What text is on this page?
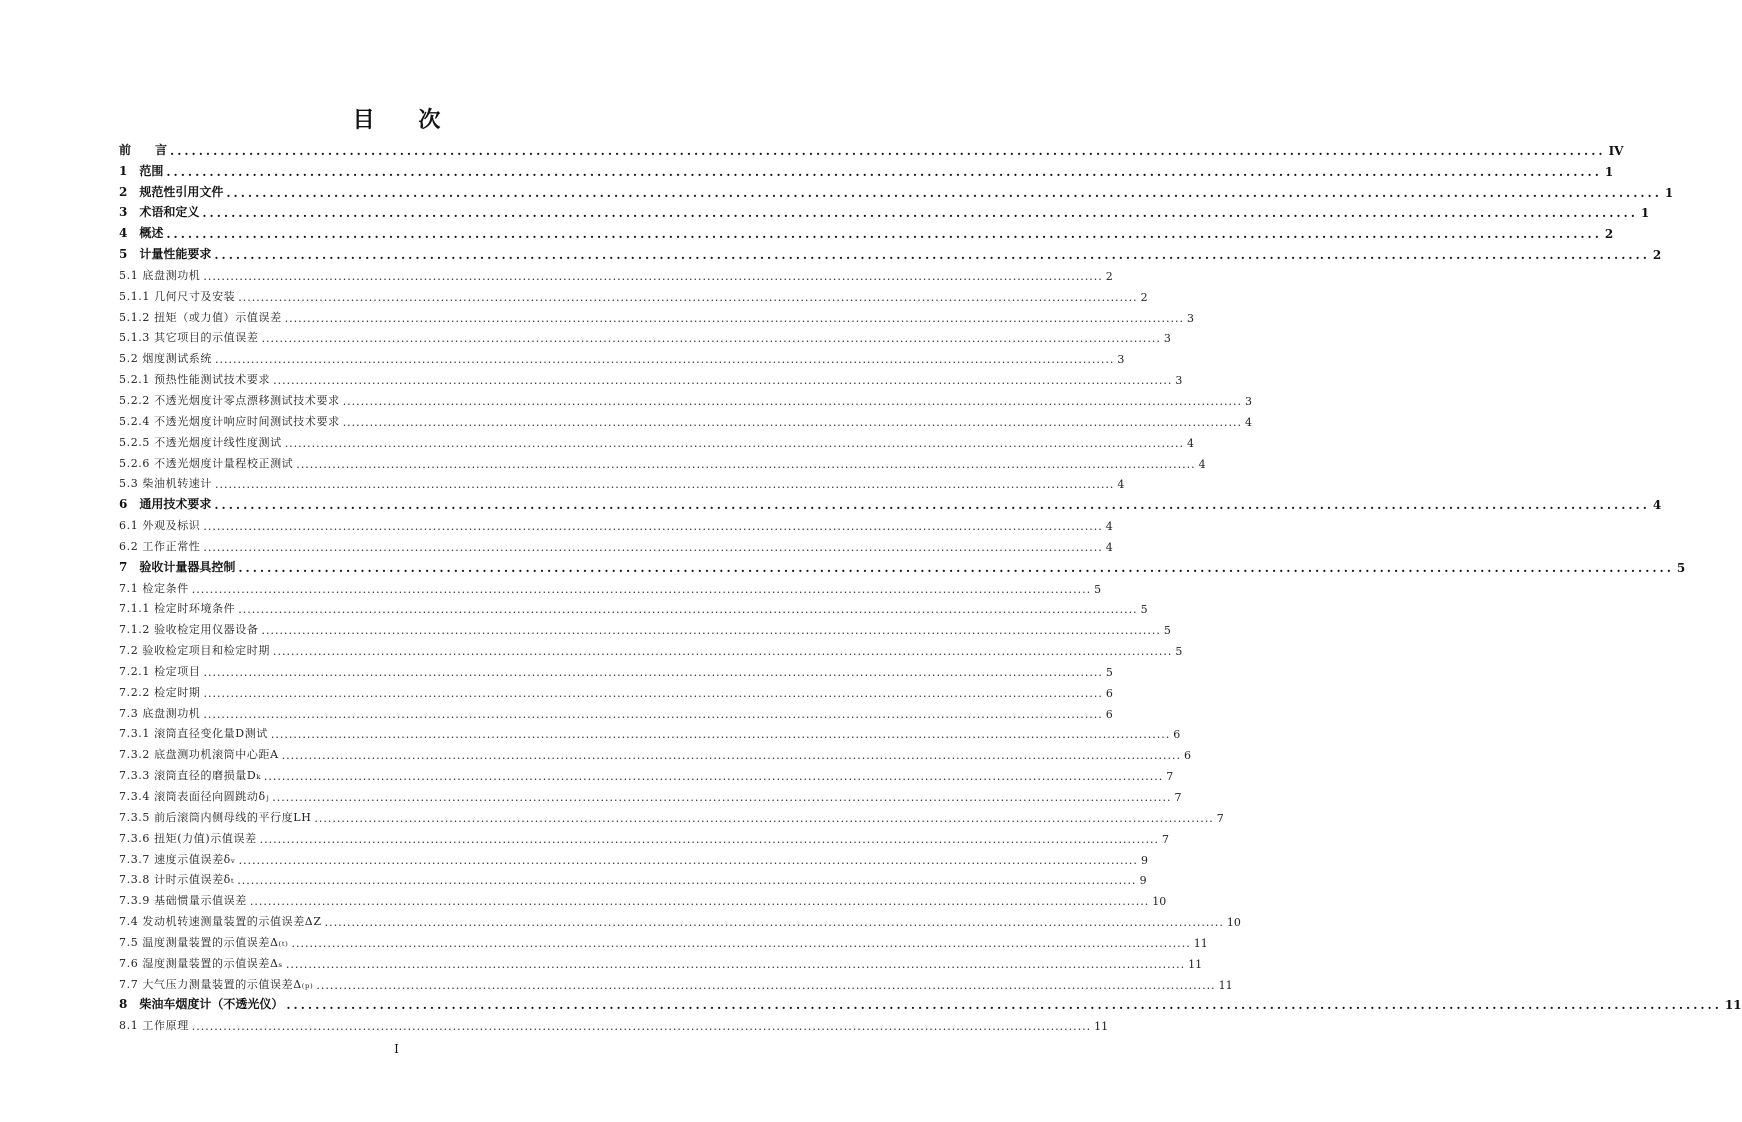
目 次
前　　言 ........................................................................................................................................................................................................ IV
1　范围 ........................................................................................................................................................................................................ 1
2　规范性引用文件 ........................................................................................................................................................................................................ 1
3　术语和定义 ........................................................................................................................................................................................................ 1
4　概述 ........................................................................................................................................................................................................ 2
5　计量性能要求 ........................................................................................................................................................................................................ 2
5.1 底盘测功机 ........................................................................................................................................................................................................ 2
5.1.1 几何尺寸及安装 ........................................................................................................................................................................................................ 2
5.1.2 扭矩（或力值）示值误差 ........................................................................................................................................................................................................ 3
5.1.3 其它项目的示值误差 ........................................................................................................................................................................................................ 3
5.2 烟度测试系统 ........................................................................................................................................................................................................ 3
5.2.1 预热性能测试技术要求 ........................................................................................................................................................................................................ 3
5.2.2 不透光烟度计零点漂移测试技术要求 ........................................................................................................................................................................................................ 3
5.2.4 不透光烟度计响应时间测试技术要求 ........................................................................................................................................................................................................ 4
5.2.5 不透光烟度计线性度测试 ........................................................................................................................................................................................................ 4
5.2.6 不透光烟度计量程校正测试 ........................................................................................................................................................................................................ 4
5.3 柴油机转速计 ........................................................................................................................................................................................................ 4
6　通用技术要求 ........................................................................................................................................................................................................ 4
6.1 外观及标识 ........................................................................................................................................................................................................ 4
6.2 工作正常性 ........................................................................................................................................................................................................ 4
7　验收计量器具控制 ........................................................................................................................................................................................................ 5
7.1 检定条件 ........................................................................................................................................................................................................ 5
7.1.1 检定时环境条件 ........................................................................................................................................................................................................ 5
7.1.2 验收检定用仪器设备 ........................................................................................................................................................................................................ 5
7.2 验收检定项目和检定时期 ........................................................................................................................................................................................................ 5
7.2.1 检定项目 ........................................................................................................................................................................................................ 5
7.2.2 检定时期 ........................................................................................................................................................................................................ 6
7.3 底盘测功机 ........................................................................................................................................................................................................ 6
7.3.1 滚筒直径变化量D测试 ........................................................................................................................................................................................................ 6
7.3.2 底盘测功机滚筒中心距A ........................................................................................................................................................................................................ 6
7.3.3 滚筒直径的磨损量Dₖ ........................................................................................................................................................................................................ 7
7.3.4 滚筒表面径向圆跳动δⱼ ........................................................................................................................................................................................................ 7
7.3.5 前后滚筒内侧母线的平行度LH ........................................................................................................................................................................................................ 7
7.3.6 扭矩(力值)示值误差 ........................................................................................................................................................................................................ 7
7.3.7 速度示值误差δᵥ ........................................................................................................................................................................................................ 9
7.3.8 计时示值误差δₜ ........................................................................................................................................................................................................ 9
7.3.9 基础惯量示值误差 ........................................................................................................................................................................................................ 10
7.4 发动机转速测量装置的示值误差ΔZ ........................................................................................................................................................................................................ 10
7.5 温度测量装置的示值误差Δ₍ₜ₎ ........................................................................................................................................................................................................ 11
7.6 湿度测量装置的示值误差Δₛ ........................................................................................................................................................................................................ 11
7.7 大气压力测量装置的示值误差Δ₍ₚ₎ ........................................................................................................................................................................................................ 11
8　柴油车烟度计（不透光仪） ........................................................................................................................................................................................................ 11
8.1 工作原理 ........................................................................................................................................................................................................ 11
I
